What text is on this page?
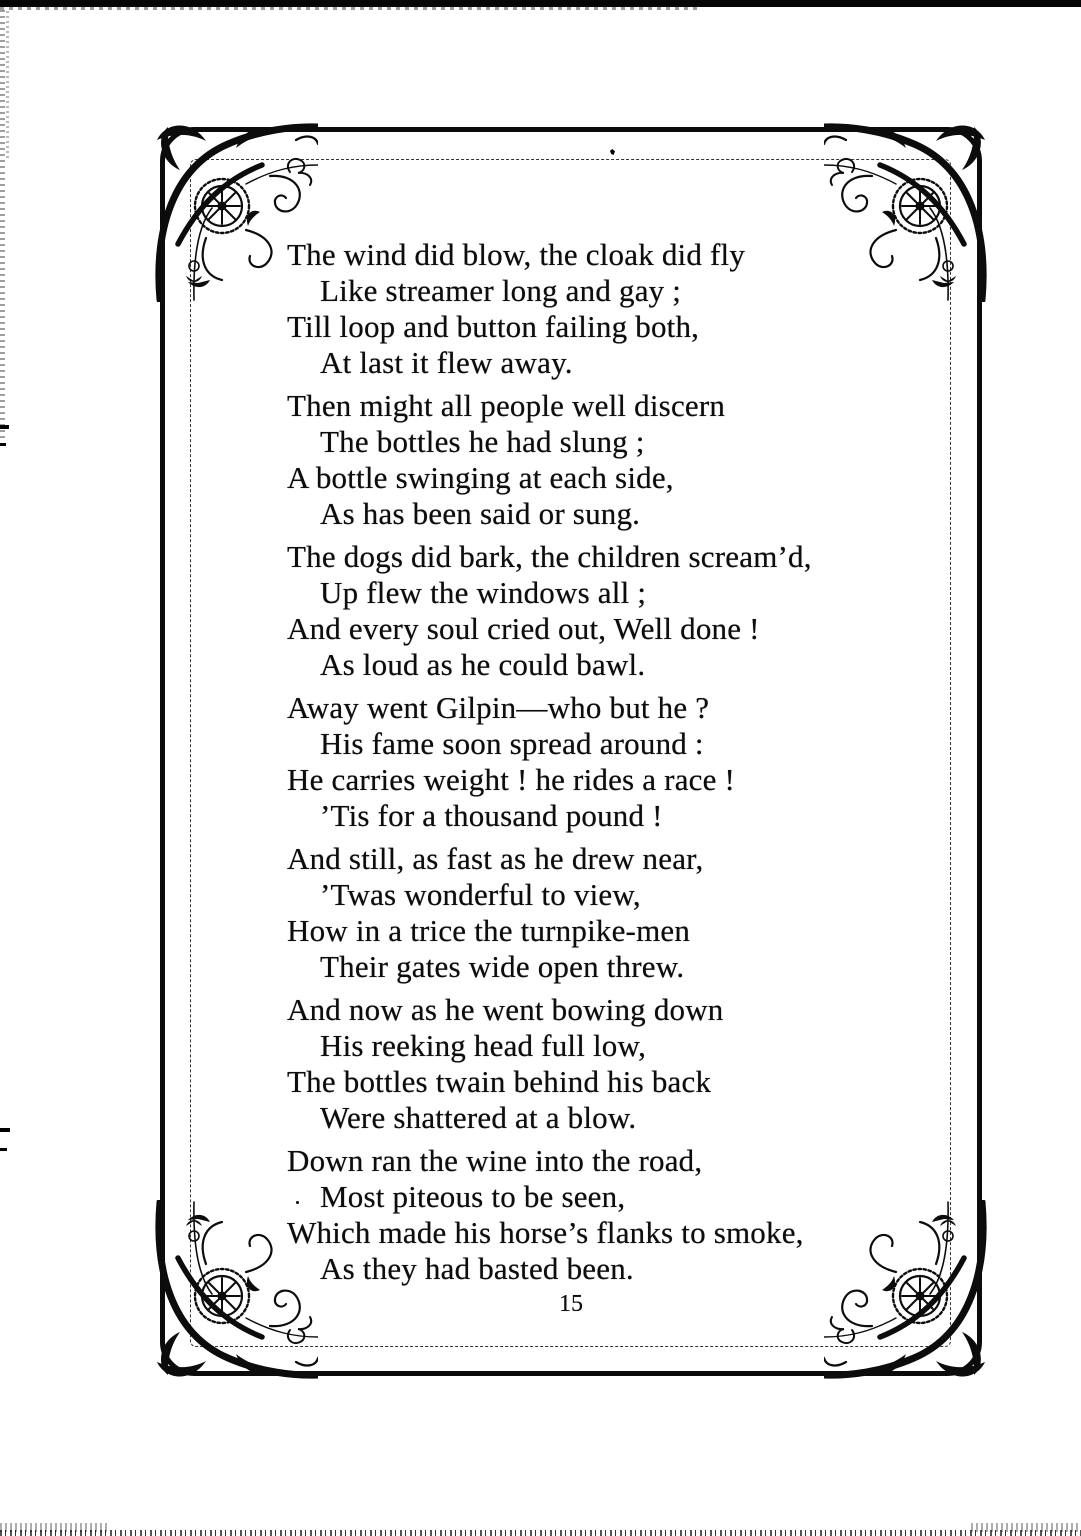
The wind did blow, the cloak did fly
Like streamer long and gay ;
Till loop and button failing both,
At last it flew away.
Then might all people well discern
The bottles he had slung ;
A bottle swinging at each side,
As has been said or sung.
The dogs did bark, the children scream’d,
Up flew the windows all ;
And every soul cried out, Well done !
As loud as he could bawl.
Away went Gilpin—who but he ?
His fame soon spread around :
He carries weight ! he rides a race !
’Tis for a thousand pound !
And still, as fast as he drew near,
’Twas wonderful to view,
How in a trice the turnpike-men
Their gates wide open threw.
And now as he went bowing down
His reeking head full low,
The bottles twain behind his back
Were shattered at a blow.
Down ran the wine into the road,
Most piteous to be seen,
Which made his horse’s flanks to smoke,
As they had basted been.
15
